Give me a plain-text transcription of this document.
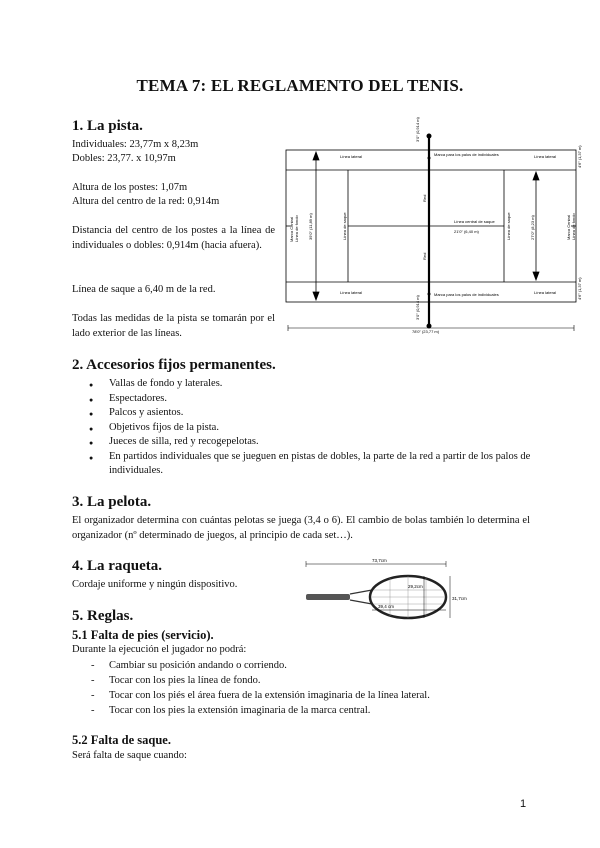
TEMA 7: EL REGLAMENTO DEL TENIS.
1. La pista.
Individuales: 23,77m x 8,23m
Dobles: 23,77. x 10,97m
Altura de los postes: 1,07m
Altura del centro de la red: 0,914m
Distancia del centro de los postes a la línea de individuales o dobles: 0,914m (hacia afuera).
Línea de saque a 6,40 m de la red.
Todas las medidas de la pista se tomarán por el lado exterior de las líneas.
Marca para los palos de individuales
Marca para los palos de individuales
Línea lateral	Línea lateral
Línea lateral	Línea lateral
Línea central de saque
21'0" (6,40 m)
78'0" (23,77 m)
Marca Central Línea de fondo 39'0" (11,89 m)	Línea de saque	Línea de saque	Marca Central Línea de fondo
27'0" (8,23 m)
Red
Red
3'0" (0,914 m)
3'0" (0,914 m)
4'6" (1,37 m)
4'6" (1,37 m)
2. Accesorios fijos permanentes.
● Vallas de fondo y laterales.
● Espectadores.
● Palcos y asientos.
● Objetivos fijos de la pista.
● Jueces de silla, red y recogepelotas.
● En partidos individuales que se jueguen en pistas de dobles, la parte de la red a partir de los palos de individuales.
3. La pelota.
El organizador determina con cuántas pelotas se juega (3,4 o 6). El cambio de bolas también lo determina el organizador (nº determinado de juegos, al principio de cada set…).
4. La raqueta.
Cordaje uniforme y ningún dispositivo.
73,7cm
29,2cm
39,4 cm
31,7cm
5. Reglas.
5.1 Falta de pies (servicio).
Durante la ejecución el jugador no podrá:
- Cambiar su posición andando o corriendo.
- Tocar con los pies la línea de fondo.
- Tocar con los piés el área fuera de la extensión imaginaria de la línea lateral.
- Tocar con los pies la extensión imaginaria de la marca central.
5.2 Falta de saque.
Será falta de saque cuando:
1
